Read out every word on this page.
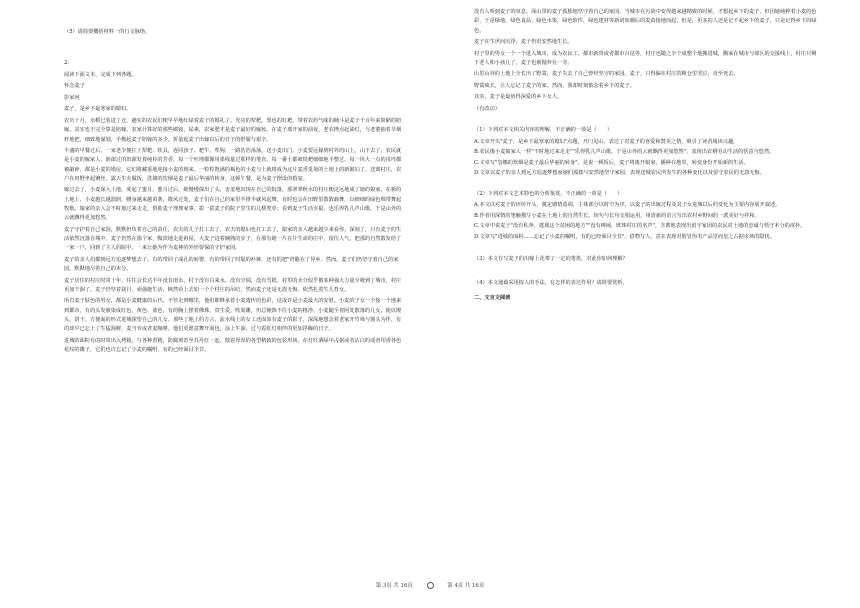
（5）请简要概括材料一的行文脉络。

2.

阅读下面文本，完成下列各题。

怀念麦子

彭家河

麦子，是乡下最寒家的媳妇。

农历十月，水稻已装进了仓，趟实的农民们便早早地红绿着麦子的婚礼了。光亮的犁耙，黑色的钉耙，带着农药气味的桶斗是麦子千百年来简陋的陪嫁，其实也不完全算是陪嫁，农家计算好的那些碳铵、尿素，农家肥才是麦子最好的嫁妆。在麦子离开家的前夜，老农挫点起油灯，与老婆抽着旱烟杆地把，细致地谋划，手衡起麦子陪嫁的多少，折量起麦子出嫁以后的日子的舒服与艰辛。

丰盛的早餐过后，一家老少便扛上犁耙、钦具，连同孩子、耙牛、犁狗，一路浩浩荡荡，送小麦出门。小麦要远嫁到村外的山上，山下去了，农民就是小麦的嫁家人，新郎过的田源发着纯朴的芳香，每一个吐埋都像用墨线量过那样的笔直，每一番土都被铁耙细细地平整过，每一块大一点的岗坯都被敲碎，都是小麦的婚房，它们将藏重地迎接小麦的到来。一粒粒饱满的褐色的小麦与土就将成为这片麦香觅菊的土地上的新娘妇了。送离村庄，农户在田野坐起铡丝，露天生火做饭，洗雄的饮烟是麦子最后华丽的转身，这顿午餐，是为麦子摆设的婚宴。

嫁过去了，小麦深入土地，度起了蜜月。蜜月过后，她慢慢探出了头，害羞地出现在自己的院落，那翠翠秋水的村庄便这远地成了她的娘家。在新的土地上，小麦越长越溜润，腰身越来越苗条，微风过处，麦子们在自己的家里半推半就风起舞，有时也会在田野里散散载舞，以细细的绿色绸带舞起牧歌。娘家的亲人会不时地过来走走，帮助麦子理理家事，拔一拔麦子的院子里生的儿楞兜草；看到麦子生活幸福，也乐得乳儿声山歌，于是山外的云就飘得更加悠然。

麦子守护着自己家园，默默担负着自己的责任，农夫的儿子打工去了，农夫的媳妇也打工去了，娘家的亲人越来越少来看你，深刻了，只有麦子的生活依然沉落在城中。麦子仍然在那个家，黯淡地走进祖屋，大麦子迈着娴熟的步子，在那有她一片在片生命的庄中，留住人气，把那的自然散发给了一家一户，回到了主人的院中。一来让她为作为麦神的外形要保的守护家园。

麦子的亲人们都到远方追逐梦想去了。有的带回了成孔的转婴，有的带回了时髦的衫裤，还有的把"骨骼在了异乡。然而，麦子们仍坚守着自己的家园，默默地尽着自己的本分。

麦子居住的村庄时常十年，往往会长达半年没有雨水，村子没有白来水，没有空调，没有雪糕。村里的水分似乎被某种强大力量全吸到了城市，村庄更加干涸了。麦子仍坚着栽日，顽强施生活，枫然看上去如一个个村庄的吊唁，然而麦子还是无怨无悔，依然扎着生儿育女。

所有麦子肤色的男女，都是小麦健康的后代。不管走到哪里，他们都继承着小麦遗传的色彩，这成许是小麦最大的安慰。小麦的子女一个接一个地来到都市，有的头发被染成红色、黄色、蓝色，有的胸上摆着佛珠、贵生爱，吹果雕，但总掩饰不住小麦的格净。小麦随全着阿处散落的儿女，使以馒头、饼干、方便面的形式进城探望自己的儿女。那些了地上的方言，流水线上的女工还面如有麦子的影子，深深地想念着老家开竹筛与馒头为伴，有的却早已忘上了生猛海鲜，麦当劳或者麦咖啡，他们更愿意舞开面包，涂上牛油，过与霓虹灯相伴的更加浮躁的日子。

进城的面粉有的时常出入烤箱，与各种香精，防腐剂甚至苏丹红一起，散着厚厚的各型精致的包装形场，在灯红酒绿中占据或者沾白的或者印香各色花纹的碟子，它们也许忘记了小麦的嘱咐，有的已经面目全非。

没有人听到麦子的叹息。深山里的麦子孤独地坚守着自己的家园，当城市在污染中变得越来越精致的时候，才想起乡下的麦子，但因她纯粹着小麦的色彩，于是绿地，绿色食品，绿色水果，绿色软件，绿色建材等新词如潮后的麦苗接地而起，但是，更多的人还是记不起乡下的麦子，只是记得乡下的绿色。

麦子在生世间沉浮，麦子仍旧安然地生长。

村子里的男女一个一个进入城市，成为农民工，都市新贵或者都市百昆等，村庄也随之辛个成整个地搬进城，搬家在城市与郊区的交接线上，村庄只剩下老人和小孩儿了，麦子也被抛弃在一旁。

山里山外的土地上全长出了野蒿，麦子失去了自己曾经坚守的家园。麦子，只得偏在村庄的粮仓里哭泣，直至死去。

野蒿疯长，让人忘记了麦子的家。然而，我却时刻惦念着乡下的麦子。

其实，麦子是最值得深爱的乡下女人。

（有改动）

（1）下列对本文相关内容的理解，不正确的一项是（　　）

A.文章开头"麦子，是乡下最寒家的媳妇"点题，开门见山，表达了对麦子的喜爱和赞美之情，吸引了读者阅读兴趣。

B.农民像小麦娘家人一样"不时地过来走走""乐得乳儿声山歌，于是山外的云就飘得更加悠然"，表现出农耕劳动生活的恬意与悠然。

C.文章写"袅娜的炊烟是麦子最后华丽的转身"，是说一顿饭后，麦子将离开娘家，播种在地里，转变身份开始新的生活。

D.文章以麦子的亲人到远方追逐梦想而她们孤独与安然地坚守家园，表现送城农民所发生的各种变化以及留守农民的无怨无悔。

（2）下列对本文艺术特色的分析鉴赏，不正确的一项是（　　）

A.本文以对麦子的评价开头，奠定感情基调，主体部分以时空为序，以麦子的出嫁过程及其子女进城以后的变化为主要内容展开叙述。

B.作者用深情的笔触描写小麦在土地上的自然生长，短句与长句交相运用，用清新的语言写出农村乡野间的一派美好与祥和。

C.文章中说麦子"没有私奔，逃离这个贫困的地方""没有缚闹，欧珠村庄的名声"，含蓄地表现出留守家园的农民对土地的忠诚与恬守本分的淳朴。

D.文章写"进城的面粉……忘记了小麦的嘱咐，有的已经面目全非"，借物写人，意在表现对假冒伪劣产品堂而皇之占据市场的隐忧。

（3）本文在写麦子的出嫁上花费了一定的笔墨，对此你如何理解？

（4）本文通篇采用拟人的手法，有怎样的表达作用？请简要赏析。

二、文言文阅读

第 3页 共 16页	第 4页 共 16页
